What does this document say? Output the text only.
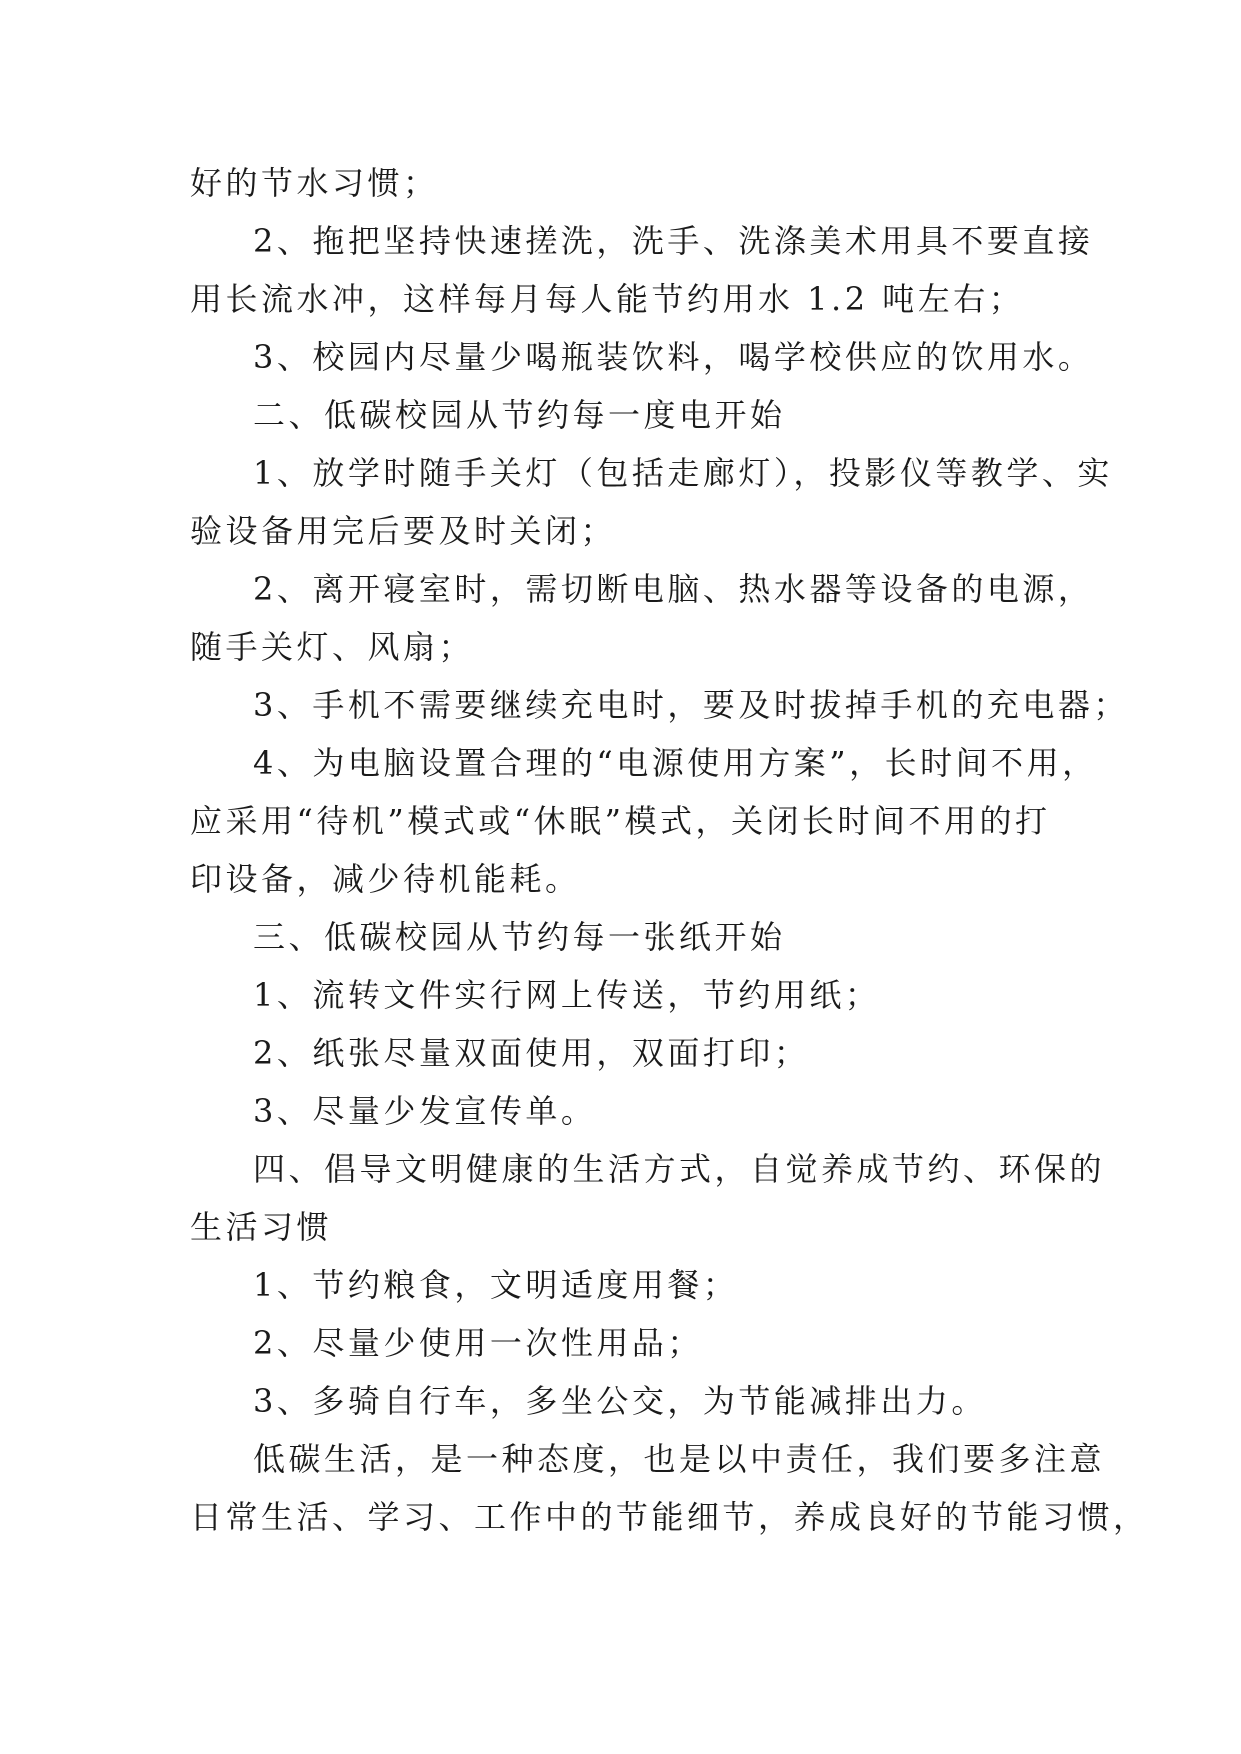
好的节水习惯；
2、拖把坚持快速搓洗，洗手、洗涤美术用具不要直接
用长流水冲，这样每月每人能节约用水 1.2 吨左右；
3、校园内尽量少喝瓶装饮料，喝学校供应的饮用水。
二、低碳校园从节约每一度电开始
1、放学时随手关灯（包括走廊灯），投影仪等教学、实
验设备用完后要及时关闭；
2、离开寝室时，需切断电脑、热水器等设备的电源，
随手关灯、风扇；
3、手机不需要继续充电时，要及时拔掉手机的充电器；
4、为电脑设置合理的“电源使用方案”，长时间不用，
应采用“待机”模式或“休眠”模式，关闭长时间不用的打
印设备，减少待机能耗。
三、低碳校园从节约每一张纸开始
1、流转文件实行网上传送，节约用纸；
2、纸张尽量双面使用，双面打印；
3、尽量少发宣传单。
四、倡导文明健康的生活方式，自觉养成节约、环保的
生活习惯
1、节约粮食，文明适度用餐；
2、尽量少使用一次性用品；
3、多骑自行车，多坐公交，为节能减排出力。
低碳生活，是一种态度，也是以中责任，我们要多注意
日常生活、学习、工作中的节能细节，养成良好的节能习惯，
